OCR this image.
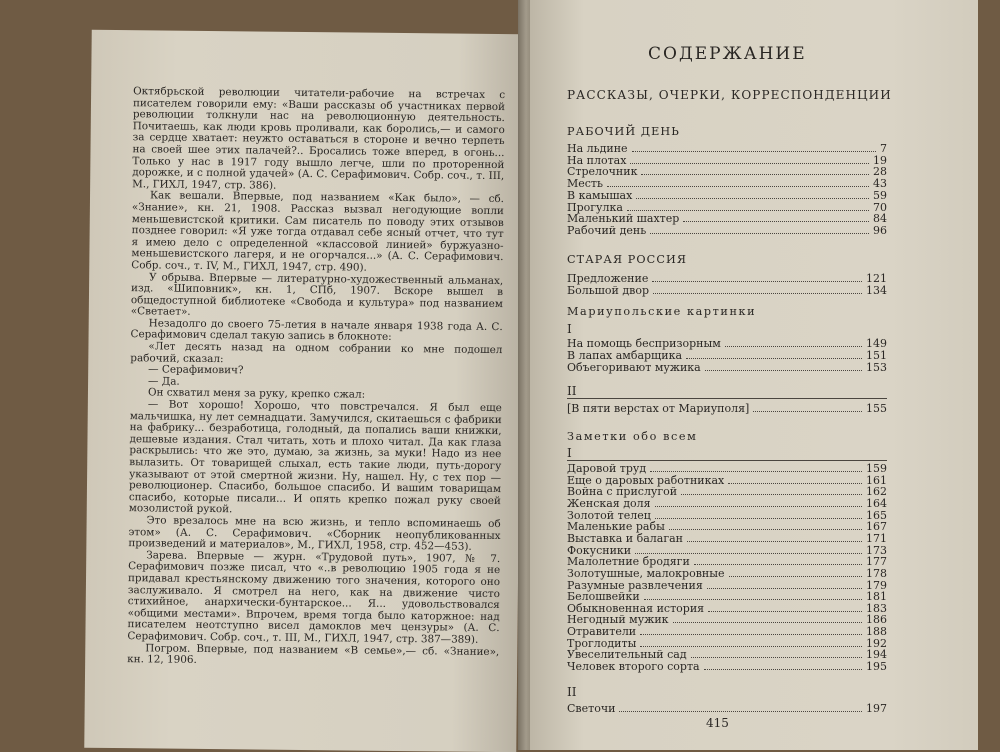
Октябрьской революции читатели-рабочие на встречах с писателем говорили ему: «Ваши рассказы об участниках первой революции толкнули нас на революционную деятельность. Почитаешь, как люди кровь проливали, как боролись,— и самого за сердце хватает: неужто оставаться в стороне и вечно терпеть на своей шее этих палачей?.. Бросались тоже вперед, в огонь... Только у нас в 1917 году вышло легче, шли по проторенной дорожке, и с полной удачей» (А. С. Серафимович. Собр. соч., т. III, М., ГИХЛ, 1947, стр. 386).

Как вешали. Впервые, под названием «Как было», — сб. «Знание», кн. 21, 1908. Рассказ вызвал негодующие вопли меньшевистской критики. Сам писатель по поводу этих отзывов позднее говорил: «Я уже тогда отдавал себе ясный отчет, что тут я имею дело с определенной «классовой линией» буржуазно-меньшевистского лагеря, и не огорчался...» (А. С. Серафимович. Собр. соч., т. IV, М., ГИХЛ, 1947, стр. 490).

У обрыва. Впервые — литературно-художественный альманах, изд. «Шиповник», кн. 1, СПб, 1907. Вскоре вышел в общедоступной библиотеке «Свобода и культура» под названием «Светает».

Незадолго до своего 75-летия в начале января 1938 года А. С. Серафимович сделал такую запись в блокноте:

«Лет десять назад на одном собрании ко мне подошел рабочий, сказал:

— Серафимович?

— Да.

Он схватил меня за руку, крепко сжал:

— Вот хорошо! Хорошо, что повстречался. Я был еще мальчишка, ну лет семнадцати. Замучился, скитаешься с фабрики на фабрику... безработица, голодный, да попались ваши книжки, дешевые издания. Стал читать, хоть и плохо читал. Да как глаза раскрылись: что же это, думаю, за жизнь, за муки! Надо из нее вылазить. От товарищей слыхал, есть такие люди, путь-дорогу указывают от этой смертной жизни. Ну, нашел. Ну, с тех пор — революционер. Спасибо, большое спасибо. И вашим товарищам спасибо, которые писали... И опять крепко пожал руку своей мозолистой рукой.

Это врезалось мне на всю жизнь, и тепло вспоминаешь об этом» (А. С. Серафимович. «Сборник неопубликованных произведений и материалов», М., ГИХЛ, 1958, стр. 452—453).

Зарева. Впервые — журн. «Трудовой путь», 1907, № 7. Серафимович позже писал, что «..в революцию 1905 года я не придавал крестьянскому движению того значения, которого оно заслуживало. Я смотрел на него, как на движение чисто стихийное, анархически-бунтарское... Я... удовольствовался «общими местами». Впрочем, время тогда было каторжное: над писателем неотступно висел дамоклов меч цензуры» (А. С. Серафимович. Собр. соч., т. III, М., ГИХЛ, 1947, стр. 387—389).

Погром. Впервые, под названием «В семье»,— сб. «Знание», кн. 12, 1906.

СОДЕРЖАНИЕ
РАССКАЗЫ, ОЧЕРКИ, КОРРЕСПОНДЕНЦИИ
РАБОЧИЙ ДЕНЬ
На льдине	7
На плотах	19
Стрелочник	28
Месть	43
В камышах	59
Прогулка	70
Маленький шахтер	84
Рабочий день	96
СТАРАЯ РОССИЯ
Предложение	121
Большой двор	134
Мариупольские картинки
I
На помощь беспризорным	149
В лапах амбарщика	151
Объегоривают мужика	153
II
[В пяти верстах от Мариуполя]	155
Заметки обо всем
I
Даровой труд	159
Еще о даровых работниках	161
Война с прислугой	162
Женская доля	164
Золотой телец	165
Маленькие рабы	167
Выставка и балаган	171
Фокусники	173
Малолетние бродяги	177
Золотушные, малокровные	178
Разумные развлечения	179
Белошвейки	181
Обыкновенная история	183
Негодный мужик	186
Отравители	188
Троглодиты	192
Увеселительный сад	194
Человек второго сорта	195
II
Светочи	197
415
